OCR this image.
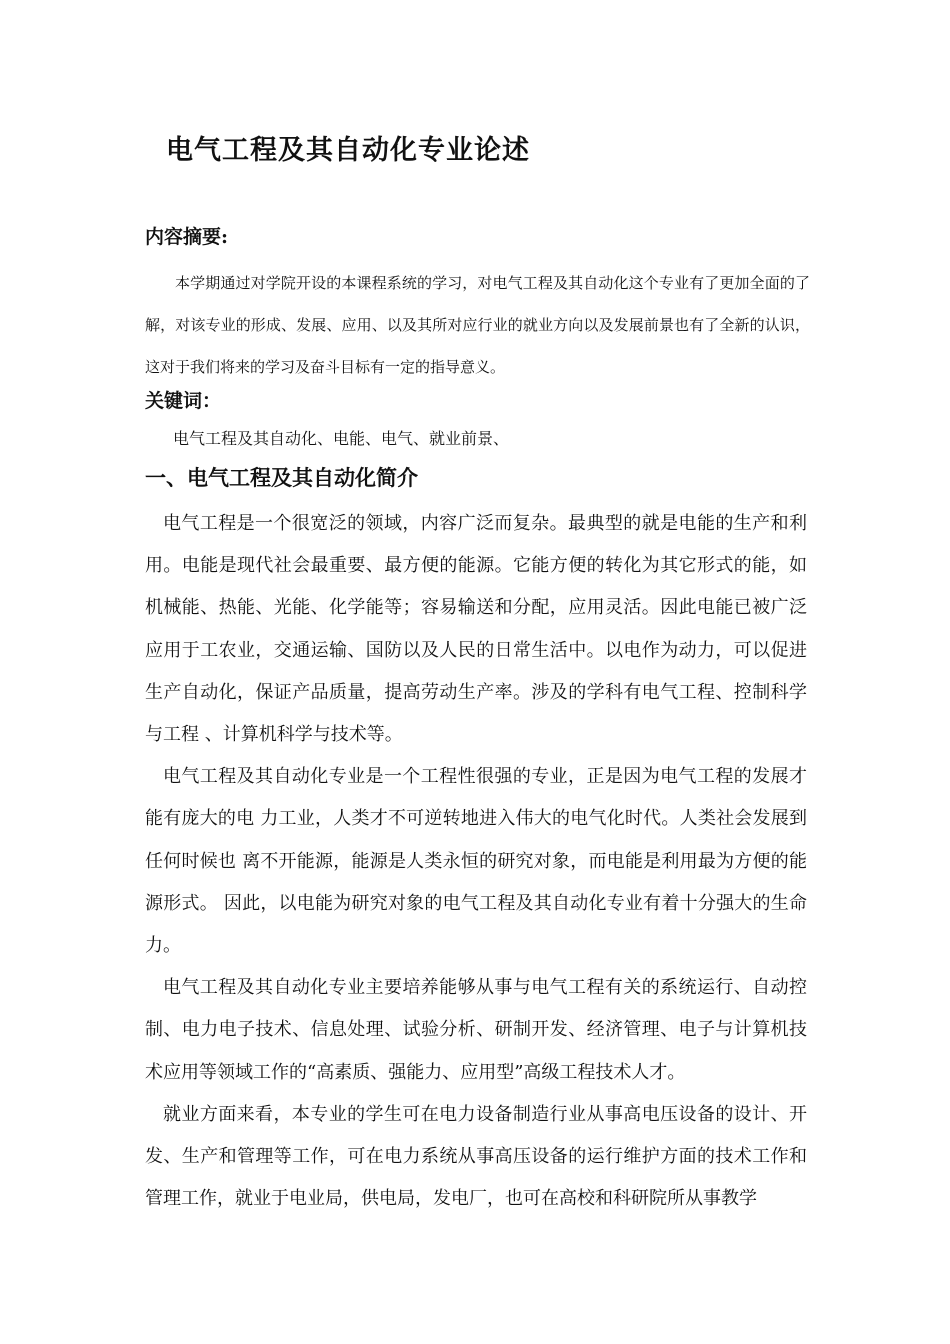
电气工程及其自动化专业论述
内容摘要:

本学期通过对学院开设的本课程系统的学习，对电气工程及其自动化这个专业有了更加全面的了解，对该专业的形成、发展、应用、以及其所对应行业的就业方向以及发展前景也有了全新的认识，这对于我们将来的学习及奋斗目标有一定的指导意义。

关键词：

电气工程及其自动化、电能、电气、就业前景、

一、电气工程及其自动化简介

电气工程是一个很宽泛的领域，内容广泛而复杂。最典型的就是电能的生产和利用。电能是现代社会最重要、最方便的能源。它能方便的转化为其它形式的能，如机械能、热能、光能、化学能等；容易输送和分配，应用灵活。因此电能已被广泛应用于工农业，交通运输、国防以及人民的日常生活中。以电作为动力，可以促进生产自动化，保证产品质量，提高劳动生产率。涉及的学科有电气工程、控制科学与工程 、计算机科学与技术等。

电气工程及其自动化专业是一个工程性很强的专业，正是因为电气工程的发展才能有庞大的电 力工业，人类才不可逆转地进入伟大的电气化时代。人类社会发展到任何时候也 离不开能源，能源是人类永恒的研究对象，而电能是利用最为方便的能源形式。 因此，以电能为研究对象的电气工程及其自动化专业有着十分强大的生命力。

电气工程及其自动化专业主要培养能够从事与电气工程有关的系统运行、自动控制、电力电子技术、信息处理、试验分析、研制开发、经济管理、电子与计算机技术应用等领域工作的“高素质、强能力、应用型”高级工程技术人才。

就业方面来看，本专业的学生可在电力设备制造行业从事高电压设备的设计、开发、生产和管理等工作，可在电力系统从事高压设备的运行维护方面的技术工作和管理工作，就业于电业局，供电局，发电厂，也可在高校和科研院所从事教学
